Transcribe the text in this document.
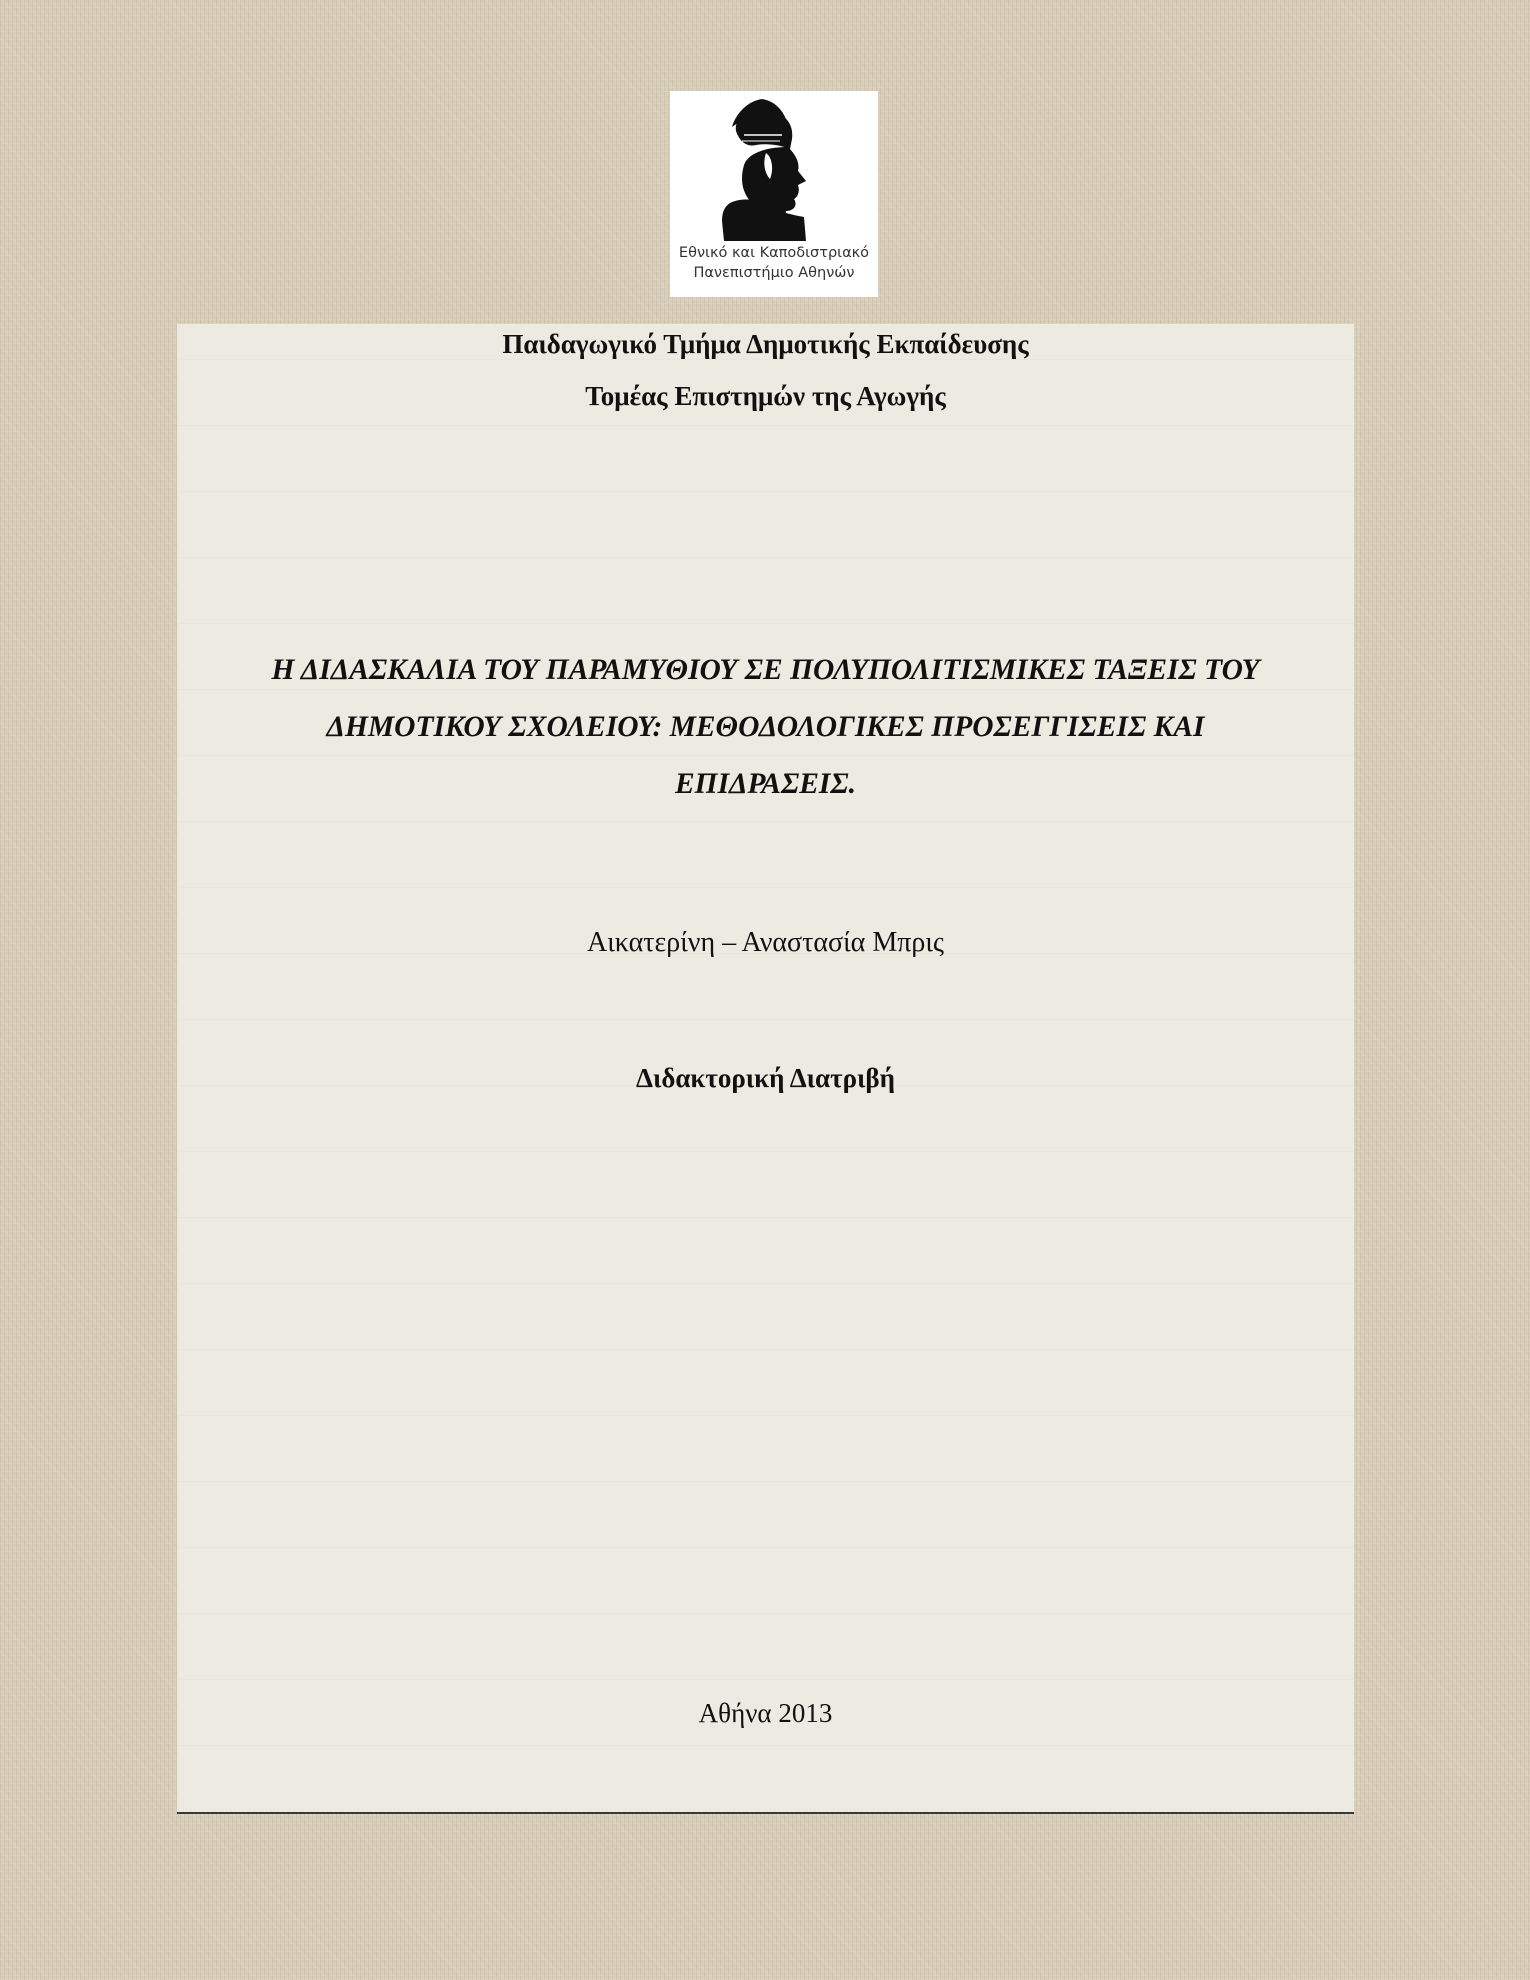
Εθνικό και Καποδιστριακό
Πανεπιστήμιο Αθηνών
Παιδαγωγικό Τμήμα Δημοτικής Εκπαίδευσης
Τομέας Επιστημών της Αγωγής
Η ΔΙΔΑΣΚΑΛΙΑ ΤΟΥ ΠΑΡΑΜΥΘΙΟΥ ΣΕ ΠΟΛΥΠΟΛΙΤΙΣΜΙΚΕΣ ΤΑΞΕΙΣ ΤΟΥ
ΔΗΜΟΤΙΚΟΥ ΣΧΟΛΕΙΟΥ: ΜΕΘΟΔΟΛΟΓΙΚΕΣ ΠΡΟΣΕΓΓΙΣΕΙΣ ΚΑΙ
ΕΠΙΔΡΑΣΕΙΣ.
Αικατερίνη – Αναστασία Μπρις
Διδακτορική Διατριβή
Αθήνα 2013
